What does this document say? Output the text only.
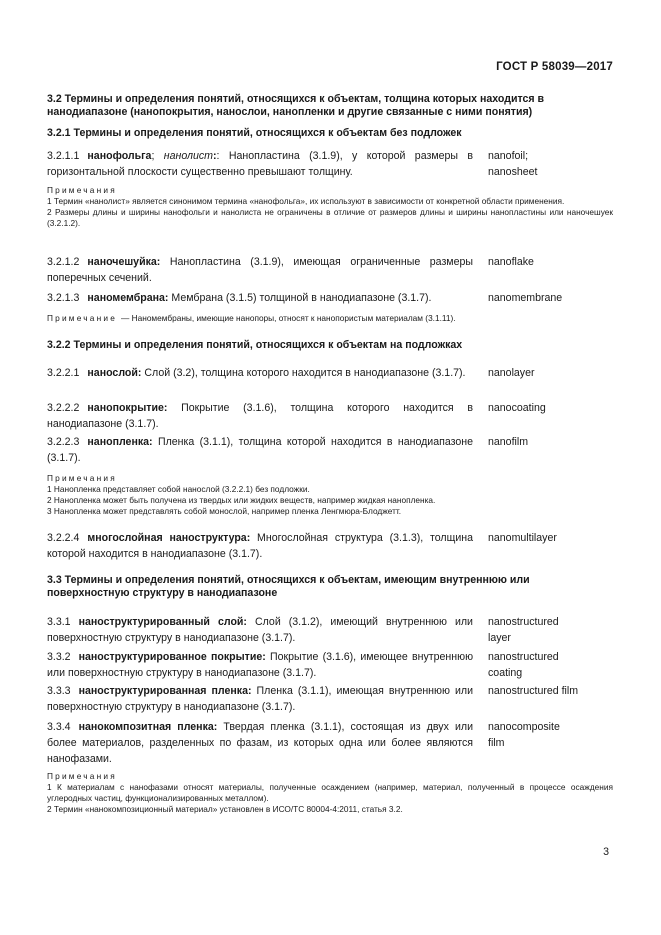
ГОСТ Р 58039—2017
3.2 Термины и определения понятий, относящихся к объектам, толщина которых находится в нанодиапазоне (нанопокрытия, нанослои, нанопленки и другие связанные с ними понятия)
3.2.1 Термины и определения понятий, относящихся к объектам без подложек
3.2.1.1 нанофольга; нанолист:: Нанопластина (3.1.9), у которой размеры в горизонтальной плоскости существенно превышают толщину.
nanofoil;
nanosheet
Примечания
1 Термин «нанолист» является синонимом термина «нанофольга», их используют в зависимости от конкретной области применения.
2 Размеры длины и ширины нанофольги и нанолиста не ограничены в отличие от размеров длины и ширины нанопластины или наночешуек (3.2.1.2).
3.2.1.2 наночешуйка: Нанопластина (3.1.9), имеющая ограниченные размеры поперечных сечений.
nanoflake
3.2.1.3 наномембрана: Мембрана (3.1.5) толщиной в нанодиапазоне (3.1.7).	nanomembrane
Примечание — Наномембраны, имеющие нанопоры, относят к нанопористым материалам (3.1.11).
3.2.2 Термины и определения понятий, относящихся к объектам на подложках
3.2.2.1 нанослой: Слой (3.2), толщина которого находится в нанодиапазоне (3.1.7).	nanolayer
3.2.2.2 нанопокрытие: Покрытие (3.1.6), толщина которого находится в нанодиапазоне (3.1.7).
nanocoating
3.2.2.3 нанопленка: Пленка (3.1.1), толщина которой находится в нанодиапазоне (3.1.7).
nanofilm
Примечания
1 Нанопленка представляет собой нанослой (3.2.2.1) без подложки.
2 Нанопленка может быть получена из твердых или жидких веществ, например жидкая нанопленка.
3 Нанопленка может представлять собой монослой, например пленка Ленгмюра-Блоджетт.
3.2.2.4 многослойная наноструктура: Многослойная структура (3.1.3), толщина которой находится в нанодиапазоне (3.1.7).
nanomultilayer
3.3 Термины и определения понятий, относящихся к объектам, имеющим внутреннюю или поверхностную структуру в нанодиапазоне
3.3.1 наноструктурированный слой: Слой (3.1.2), имеющий внутреннюю или поверхностную структуру в нанодиапазоне (3.1.7).
nanostructured
layer
3.3.2 наноструктурированное покрытие: Покрытие (3.1.6), имеющее внутреннюю или поверхностную структуру в нанодиапазоне (3.1.7).
nanostructured
coating
3.3.3 наноструктурированная пленка: Пленка (3.1.1), имеющая внутреннюю или поверхностную структуру в нанодиапазоне (3.1.7).
nanostructured film
3.3.4 нанокомпозитная пленка: Твердая пленка (3.1.1), состоящая из двух или более материалов, разделенных по фазам, из которых одна или более являются нанофазами.
nanocomposite
film
Примечания
1 К материалам с нанофазами относят материалы, полученные осаждением (например, материал, полученный в процессе осаждения углеродных частиц, функционализированных металлом).
2 Термин «нанокомпозиционный материал» установлен в ИСО/ТС 80004-4:2011, статья 3.2.
3
